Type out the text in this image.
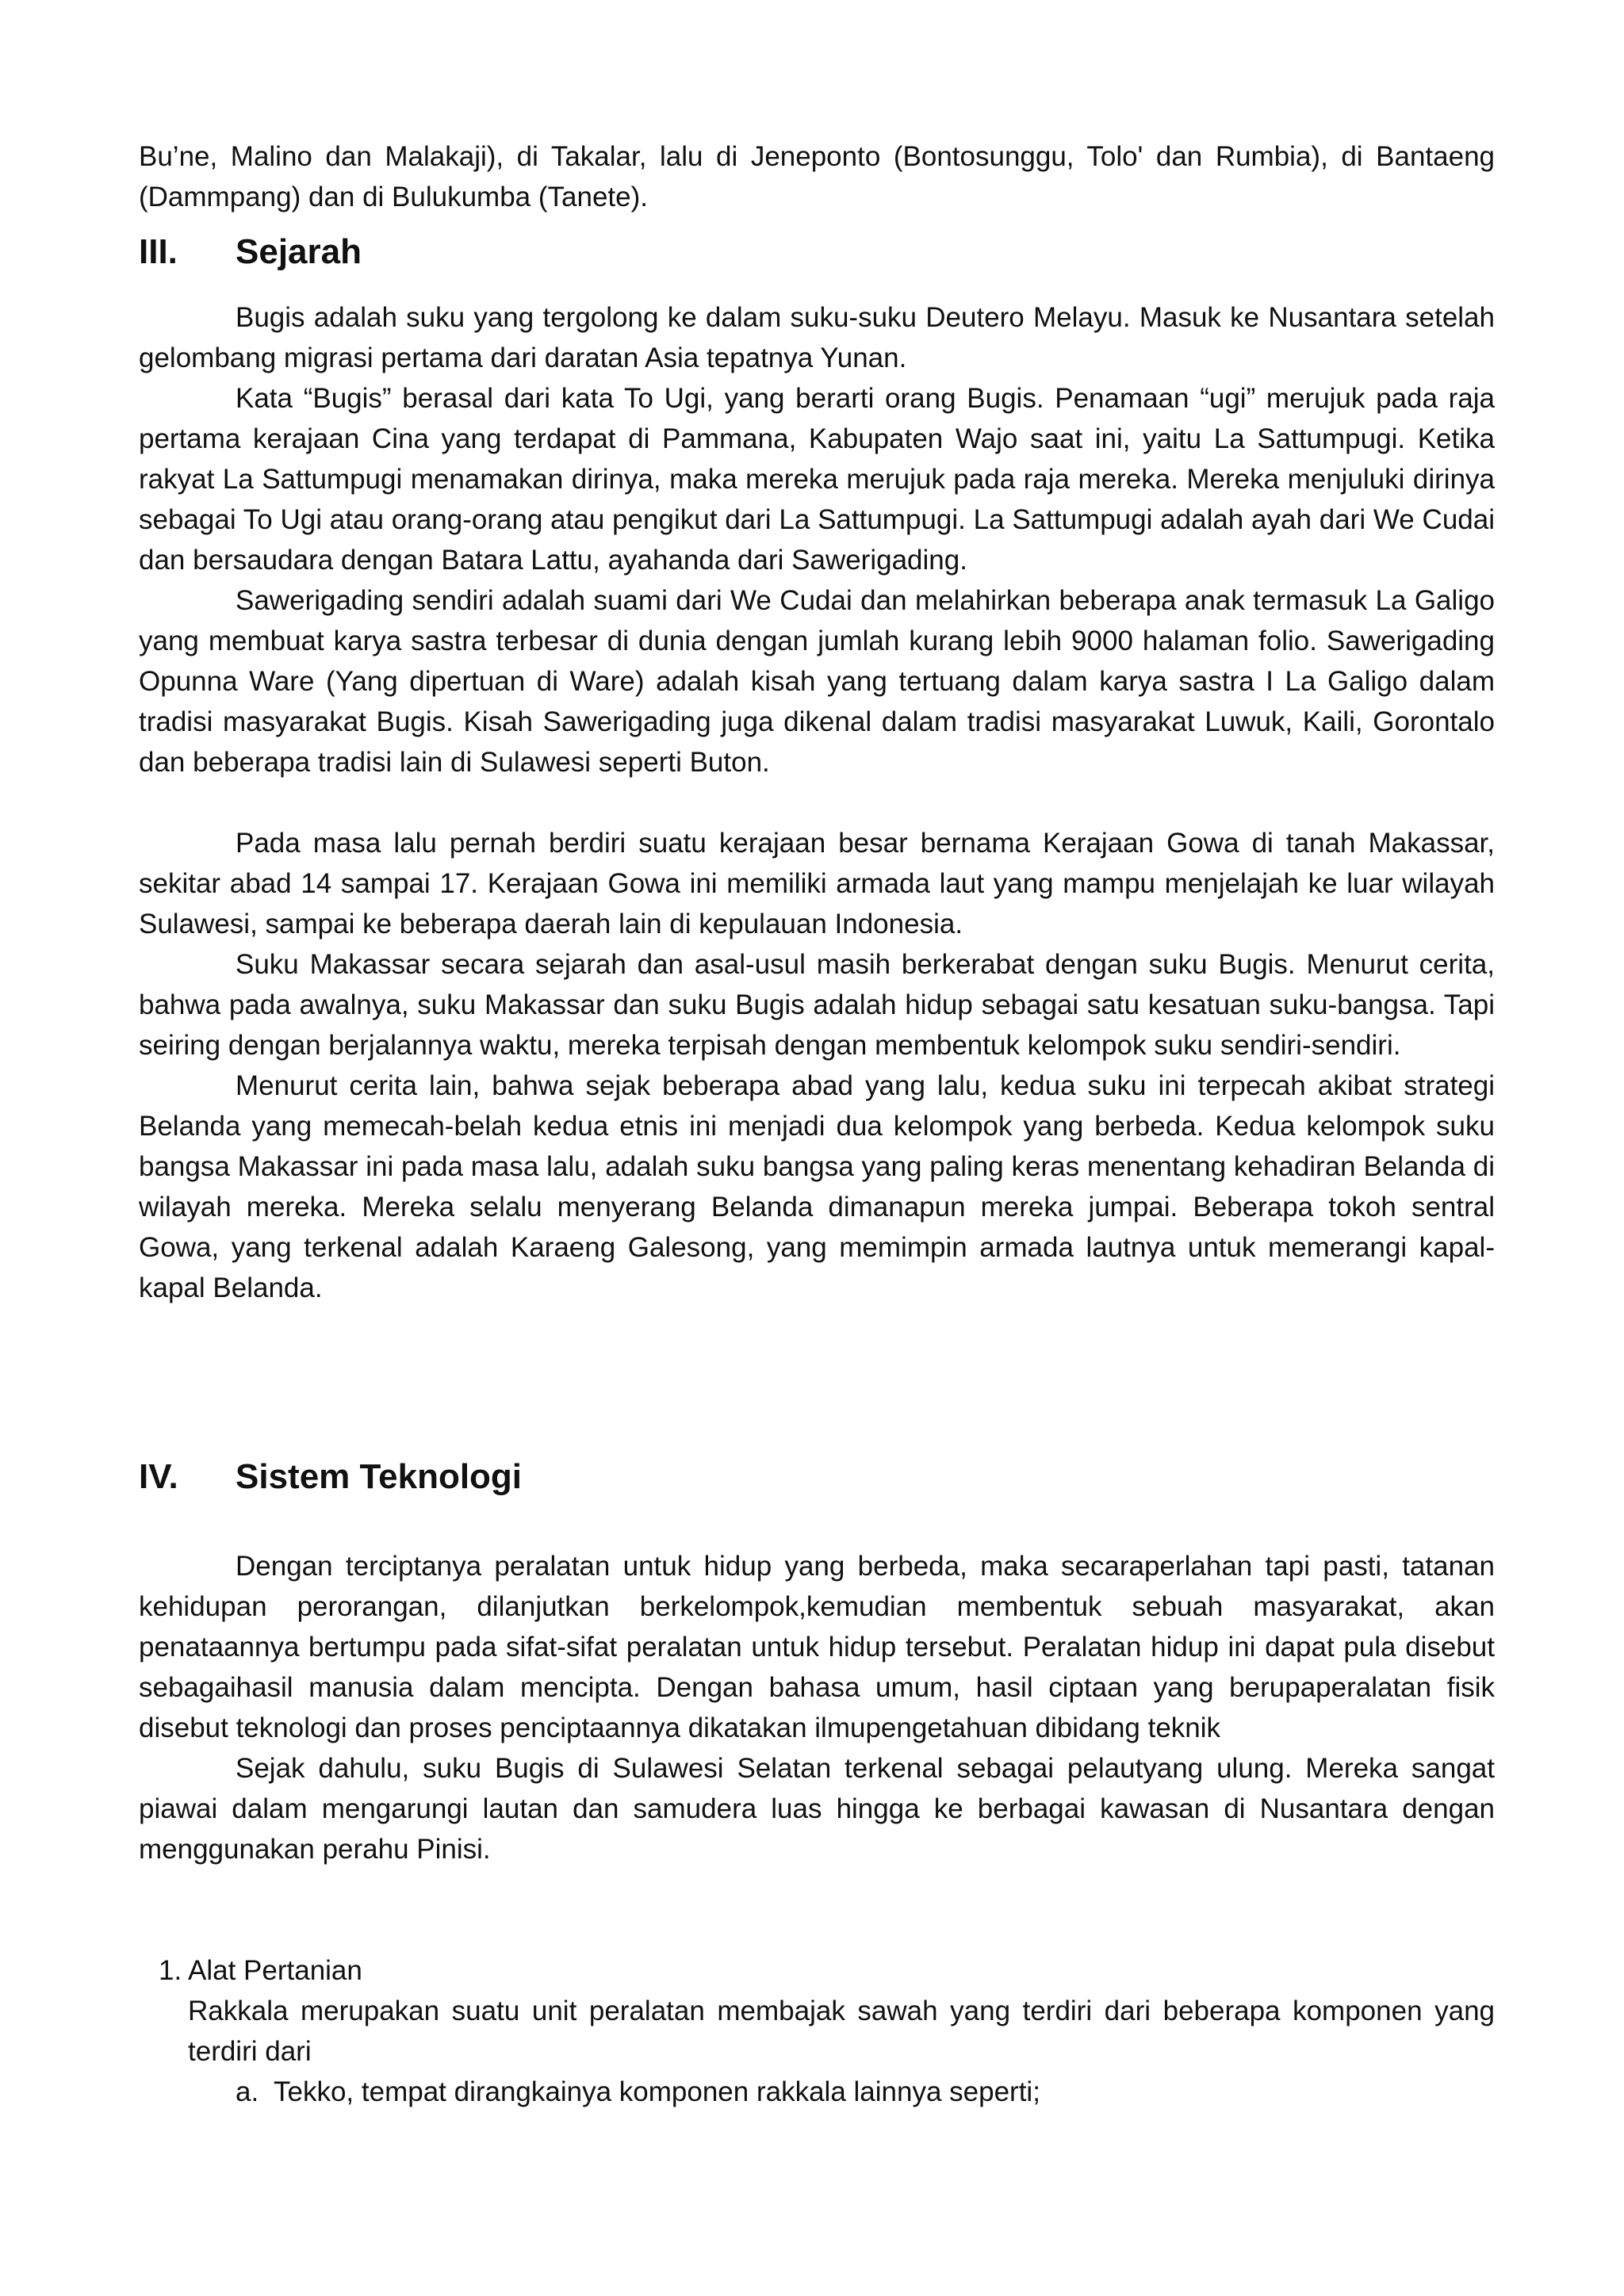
Bu’ne, Malino dan Malakaji), di Takalar, lalu di Jeneponto (Bontosunggu, Tolo' dan Rumbia), di Bantaeng (Dammpang) dan di Bulukumba (Tanete).

III.	Sejarah

Bugis adalah suku yang tergolong ke dalam suku-suku Deutero Melayu. Masuk ke Nusantara setelah gelombang migrasi pertama dari daratan Asia tepatnya Yunan.

Kata “Bugis” berasal dari kata To Ugi, yang berarti orang Bugis. Penamaan “ugi” merujuk pada raja pertama kerajaan Cina yang terdapat di Pammana, Kabupaten Wajo saat ini, yaitu La Sattumpugi. Ketika rakyat La Sattumpugi menamakan dirinya, maka mereka merujuk pada raja mereka. Mereka menjuluki dirinya sebagai To Ugi atau orang-orang atau pengikut dari La Sattumpugi. La Sattumpugi adalah ayah dari We Cudai dan bersaudara dengan Batara Lattu, ayahanda dari Sawerigading.

Sawerigading sendiri adalah suami dari We Cudai dan melahirkan beberapa anak termasuk La Galigo yang membuat karya sastra terbesar di dunia dengan jumlah kurang lebih 9000 halaman folio. Sawerigading Opunna Ware (Yang dipertuan di Ware) adalah kisah yang tertuang dalam karya sastra I La Galigo dalam tradisi masyarakat Bugis. Kisah Sawerigading juga dikenal dalam tradisi masyarakat Luwuk, Kaili, Gorontalo dan beberapa tradisi lain di Sulawesi seperti Buton.

Pada masa lalu pernah berdiri suatu kerajaan besar bernama Kerajaan Gowa di tanah Makassar, sekitar abad 14 sampai 17. Kerajaan Gowa ini memiliki armada laut yang mampu menjelajah ke luar wilayah Sulawesi, sampai ke beberapa daerah lain di kepulauan Indonesia.

Suku Makassar secara sejarah dan asal-usul masih berkerabat dengan suku Bugis. Menurut cerita, bahwa pada awalnya, suku Makassar dan suku Bugis adalah hidup sebagai satu kesatuan suku-bangsa. Tapi seiring dengan berjalannya waktu, mereka terpisah dengan membentuk kelompok suku sendiri-sendiri.

Menurut cerita lain, bahwa sejak beberapa abad yang lalu, kedua suku ini terpecah akibat strategi Belanda yang memecah-belah kedua etnis ini menjadi dua kelompok yang berbeda. Kedua kelompok suku bangsa Makassar ini pada masa lalu, adalah suku bangsa yang paling keras menentang kehadiran Belanda di wilayah mereka. Mereka selalu menyerang Belanda dimanapun mereka jumpai. Beberapa tokoh sentral Gowa, yang terkenal adalah Karaeng Galesong, yang memimpin armada lautnya untuk memerangi kapal-kapal Belanda.

IV.	Sistem Teknologi

Dengan terciptanya peralatan untuk hidup yang berbeda, maka secaraperlahan tapi pasti, tatanan kehidupan perorangan, dilanjutkan berkelompok,kemudian membentuk sebuah masyarakat, akan penataannya bertumpu pada sifat-sifat peralatan untuk hidup tersebut. Peralatan hidup ini dapat pula disebut sebagaihasil manusia dalam mencipta. Dengan bahasa umum, hasil ciptaan yang berupaperalatan fisik disebut teknologi dan proses penciptaannya dikatakan ilmupengetahuan dibidang teknik

Sejak dahulu, suku Bugis di Sulawesi Selatan terkenal sebagai pelautyang ulung. Mereka sangat piawai dalam mengarungi lautan dan samudera luas hingga ke berbagai kawasan di Nusantara dengan menggunakan perahu Pinisi.

1. Alat Pertanian

Rakkala merupakan suatu unit peralatan membajak sawah yang terdiri dari beberapa komponen yang terdiri dari

a. Tekko, tempat dirangkainya komponen rakkala lainnya seperti;
